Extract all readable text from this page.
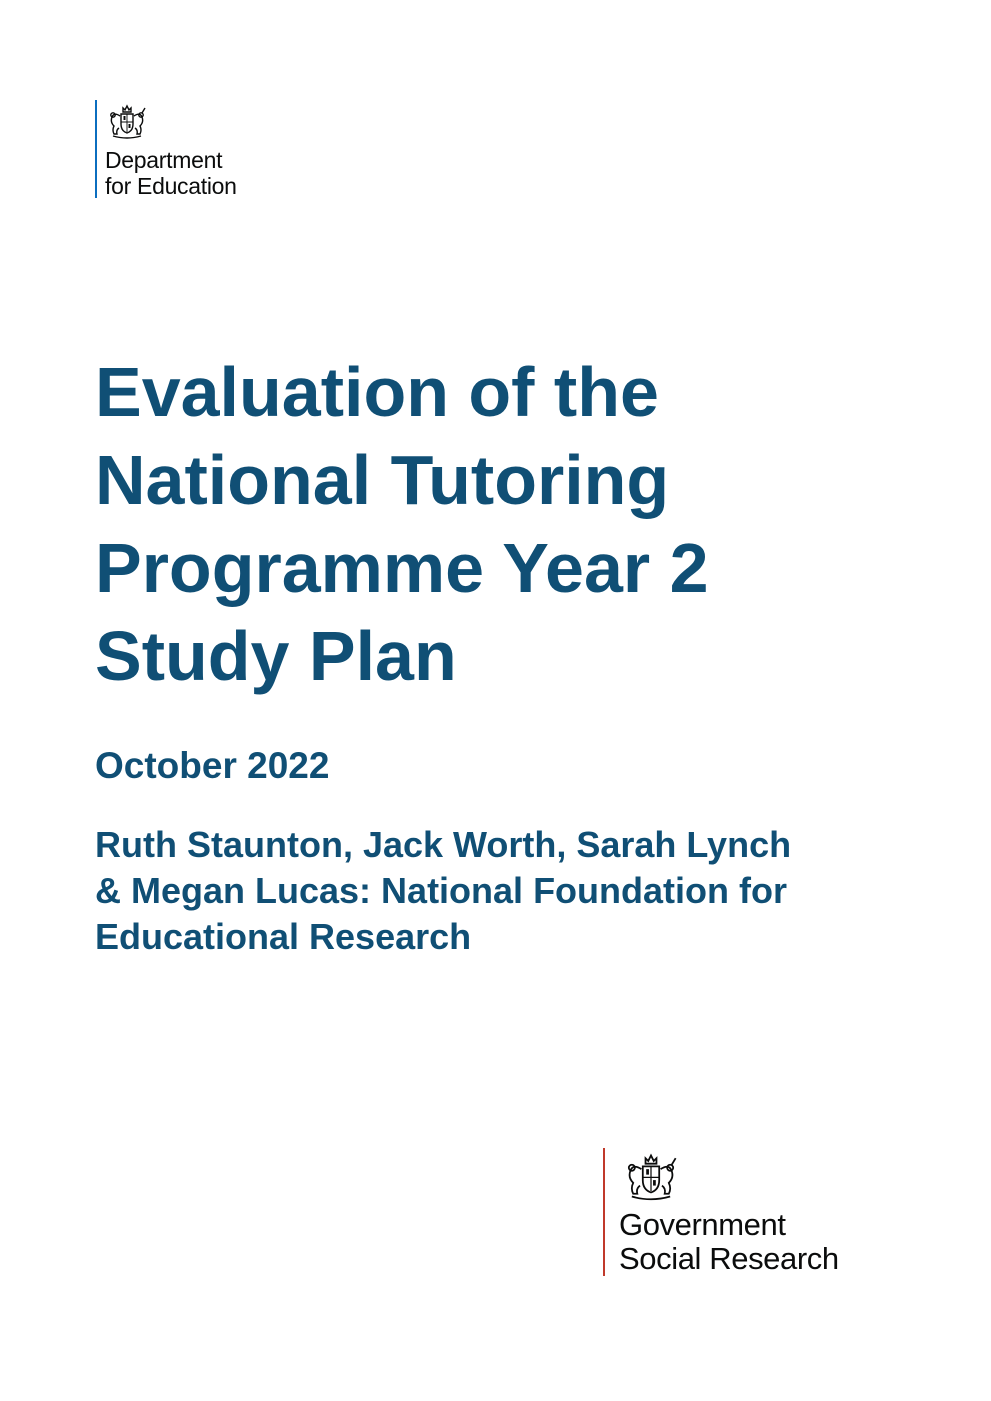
Department
for Education
Evaluation of the
National Tutoring
Programme Year 2
Study Plan

October 2022

Ruth Staunton, Jack Worth, Sarah Lynch
& Megan Lucas: National Foundation for
Educational Research

Government
Social Research
